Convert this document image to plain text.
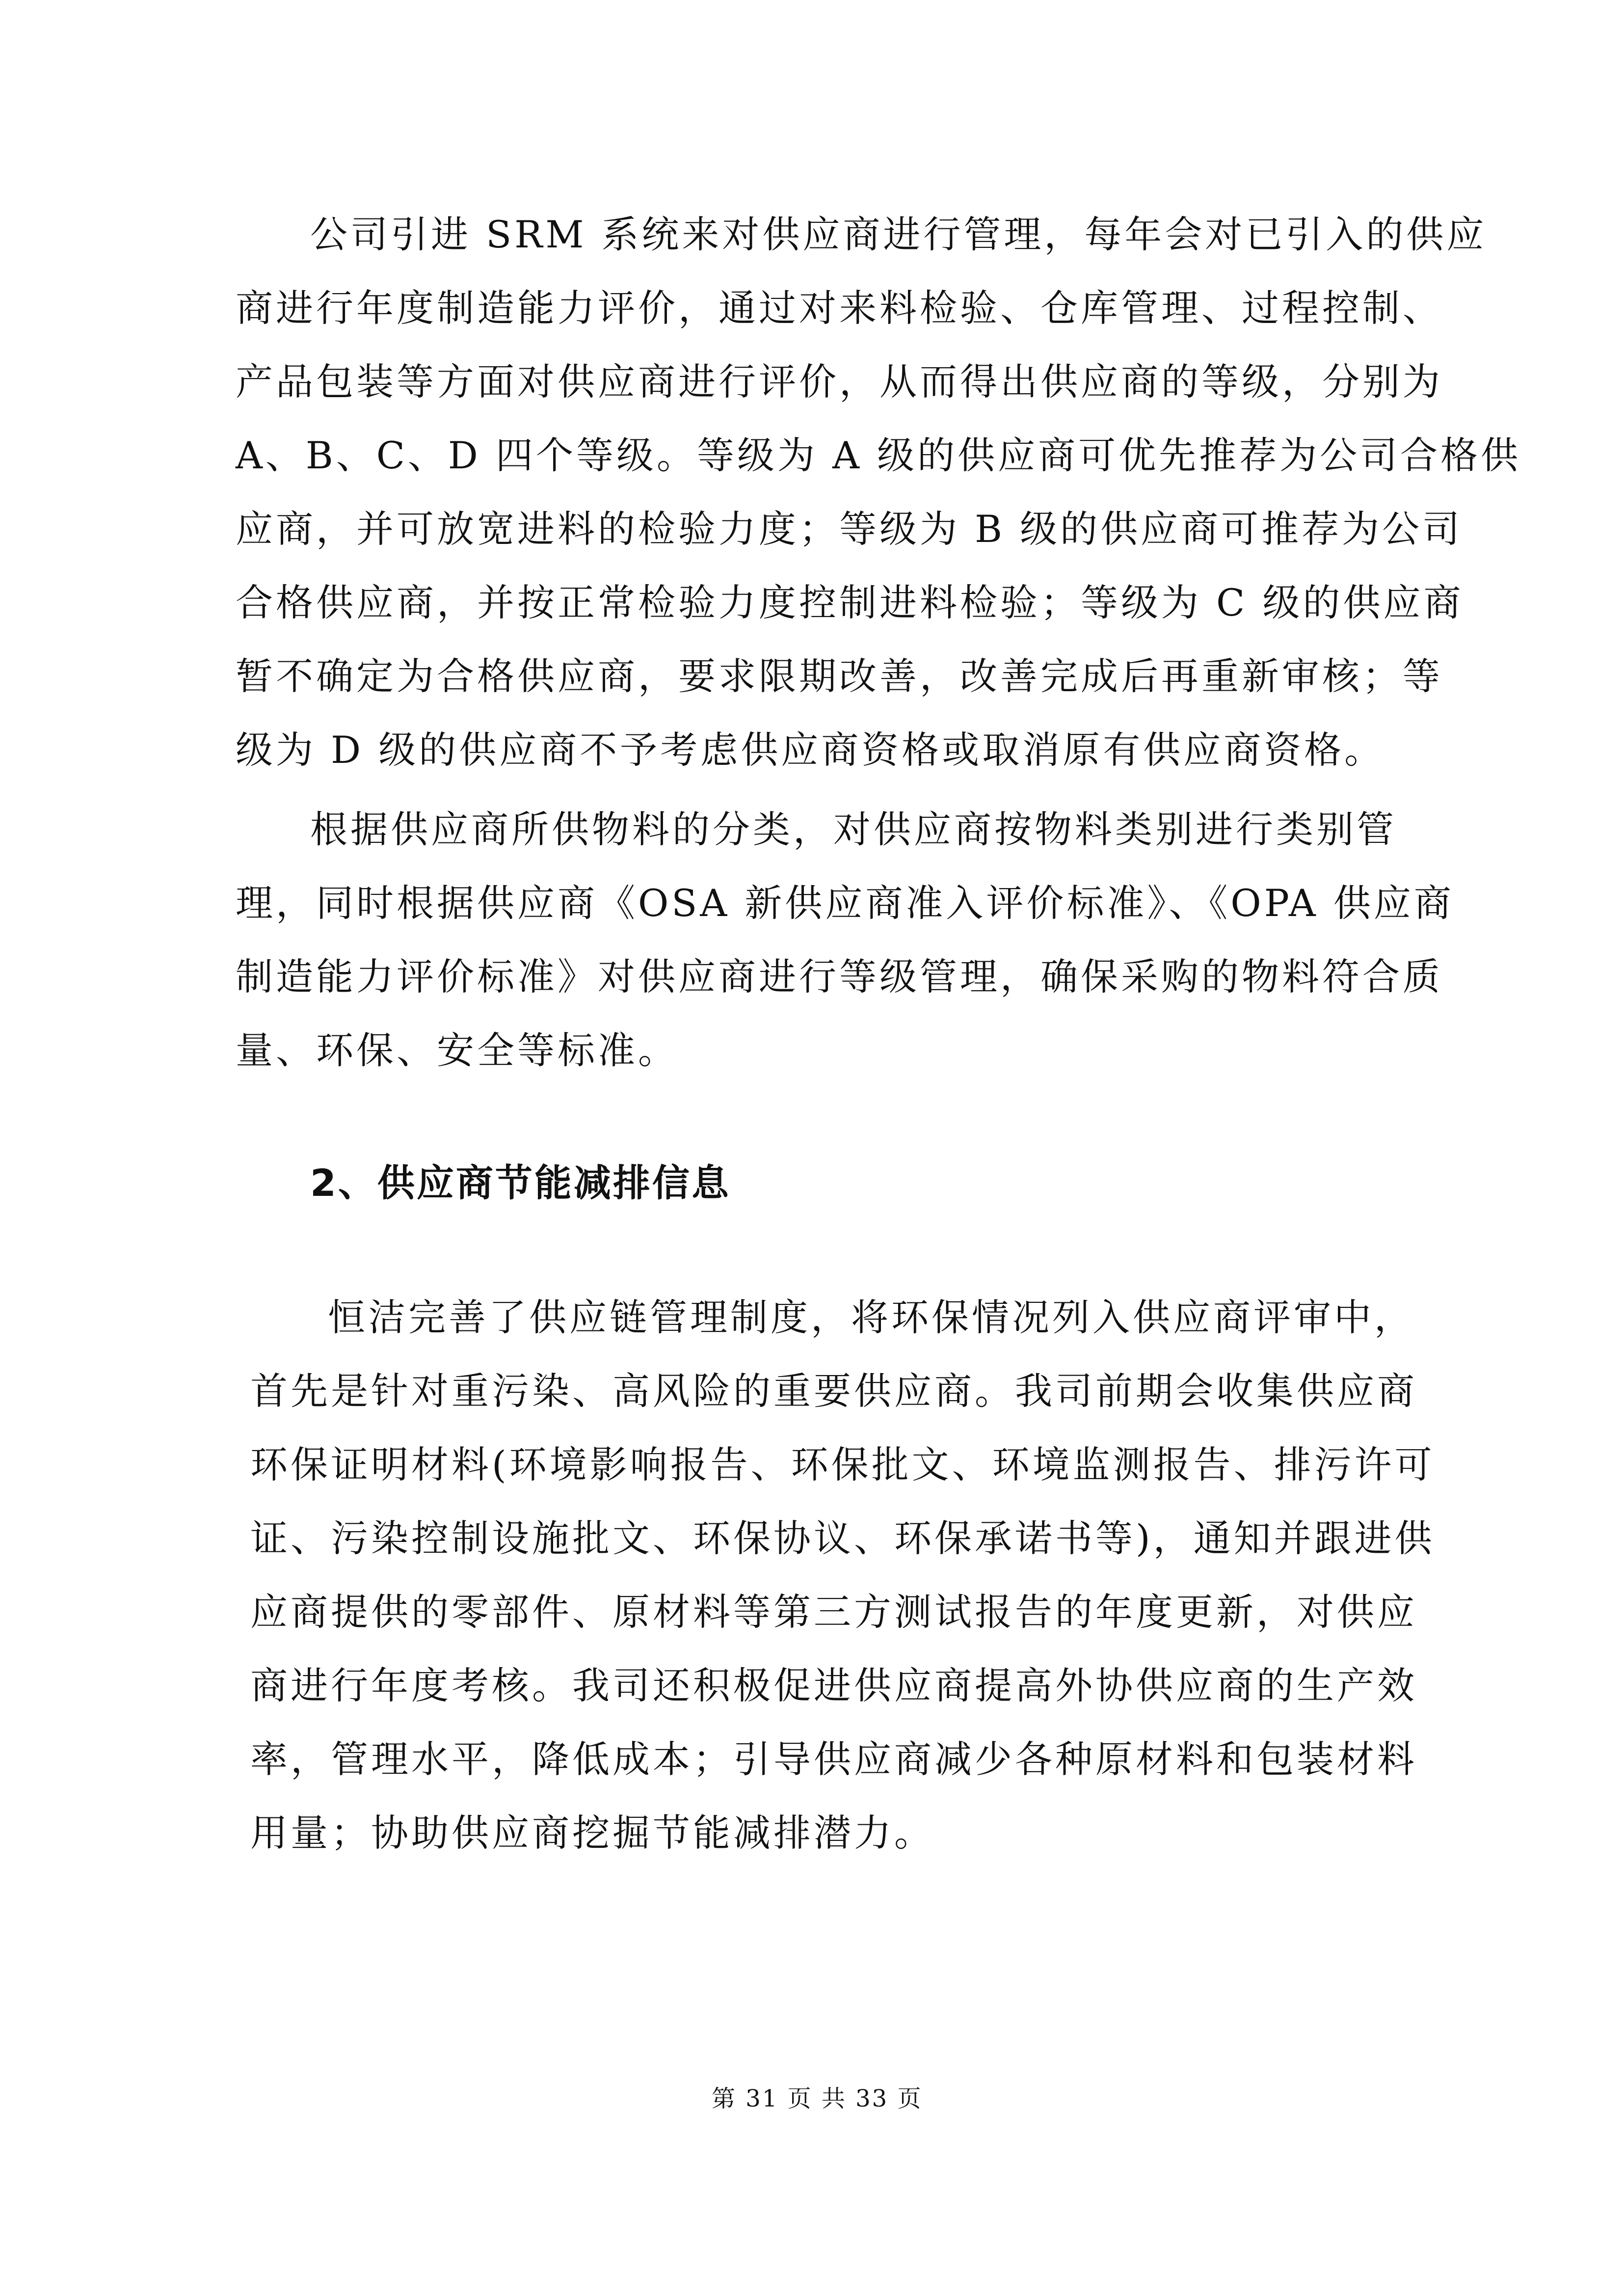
公司引进 SRM 系统来对供应商进行管理，每年会对已引入的供应
商进行年度制造能力评价，通过对来料检验、仓库管理、过程控制、
产品包装等方面对供应商进行评价，从而得出供应商的等级，分别为
A、B、C、D 四个等级。等级为 A 级的供应商可优先推荐为公司合格供
应商，并可放宽进料的检验力度；等级为 B 级的供应商可推荐为公司
合格供应商，并按正常检验力度控制进料检验；等级为 C 级的供应商
暂不确定为合格供应商，要求限期改善，改善完成后再重新审核；等
级为 D 级的供应商不予考虑供应商资格或取消原有供应商资格。
根据供应商所供物料的分类，对供应商按物料类别进行类别管
理，同时根据供应商《OSA 新供应商准入评价标准》、《OPA 供应商
制造能力评价标准》对供应商进行等级管理，确保采购的物料符合质
量、环保、安全等标准。
2、供应商节能减排信息
恒洁完善了供应链管理制度，将环保情况列入供应商评审中，
首先是针对重污染、高风险的重要供应商。我司前期会收集供应商
环保证明材料(环境影响报告、环保批文、环境监测报告、排污许可
证、污染控制设施批文、环保协议、环保承诺书等)，通知并跟进供
应商提供的零部件、原材料等第三方测试报告的年度更新，对供应
商进行年度考核。我司还积极促进供应商提高外协供应商的生产效
率，管理水平，降低成本；引导供应商减少各种原材料和包装材料
用量；协助供应商挖掘节能减排潜力。
第 31 页 共 33 页
